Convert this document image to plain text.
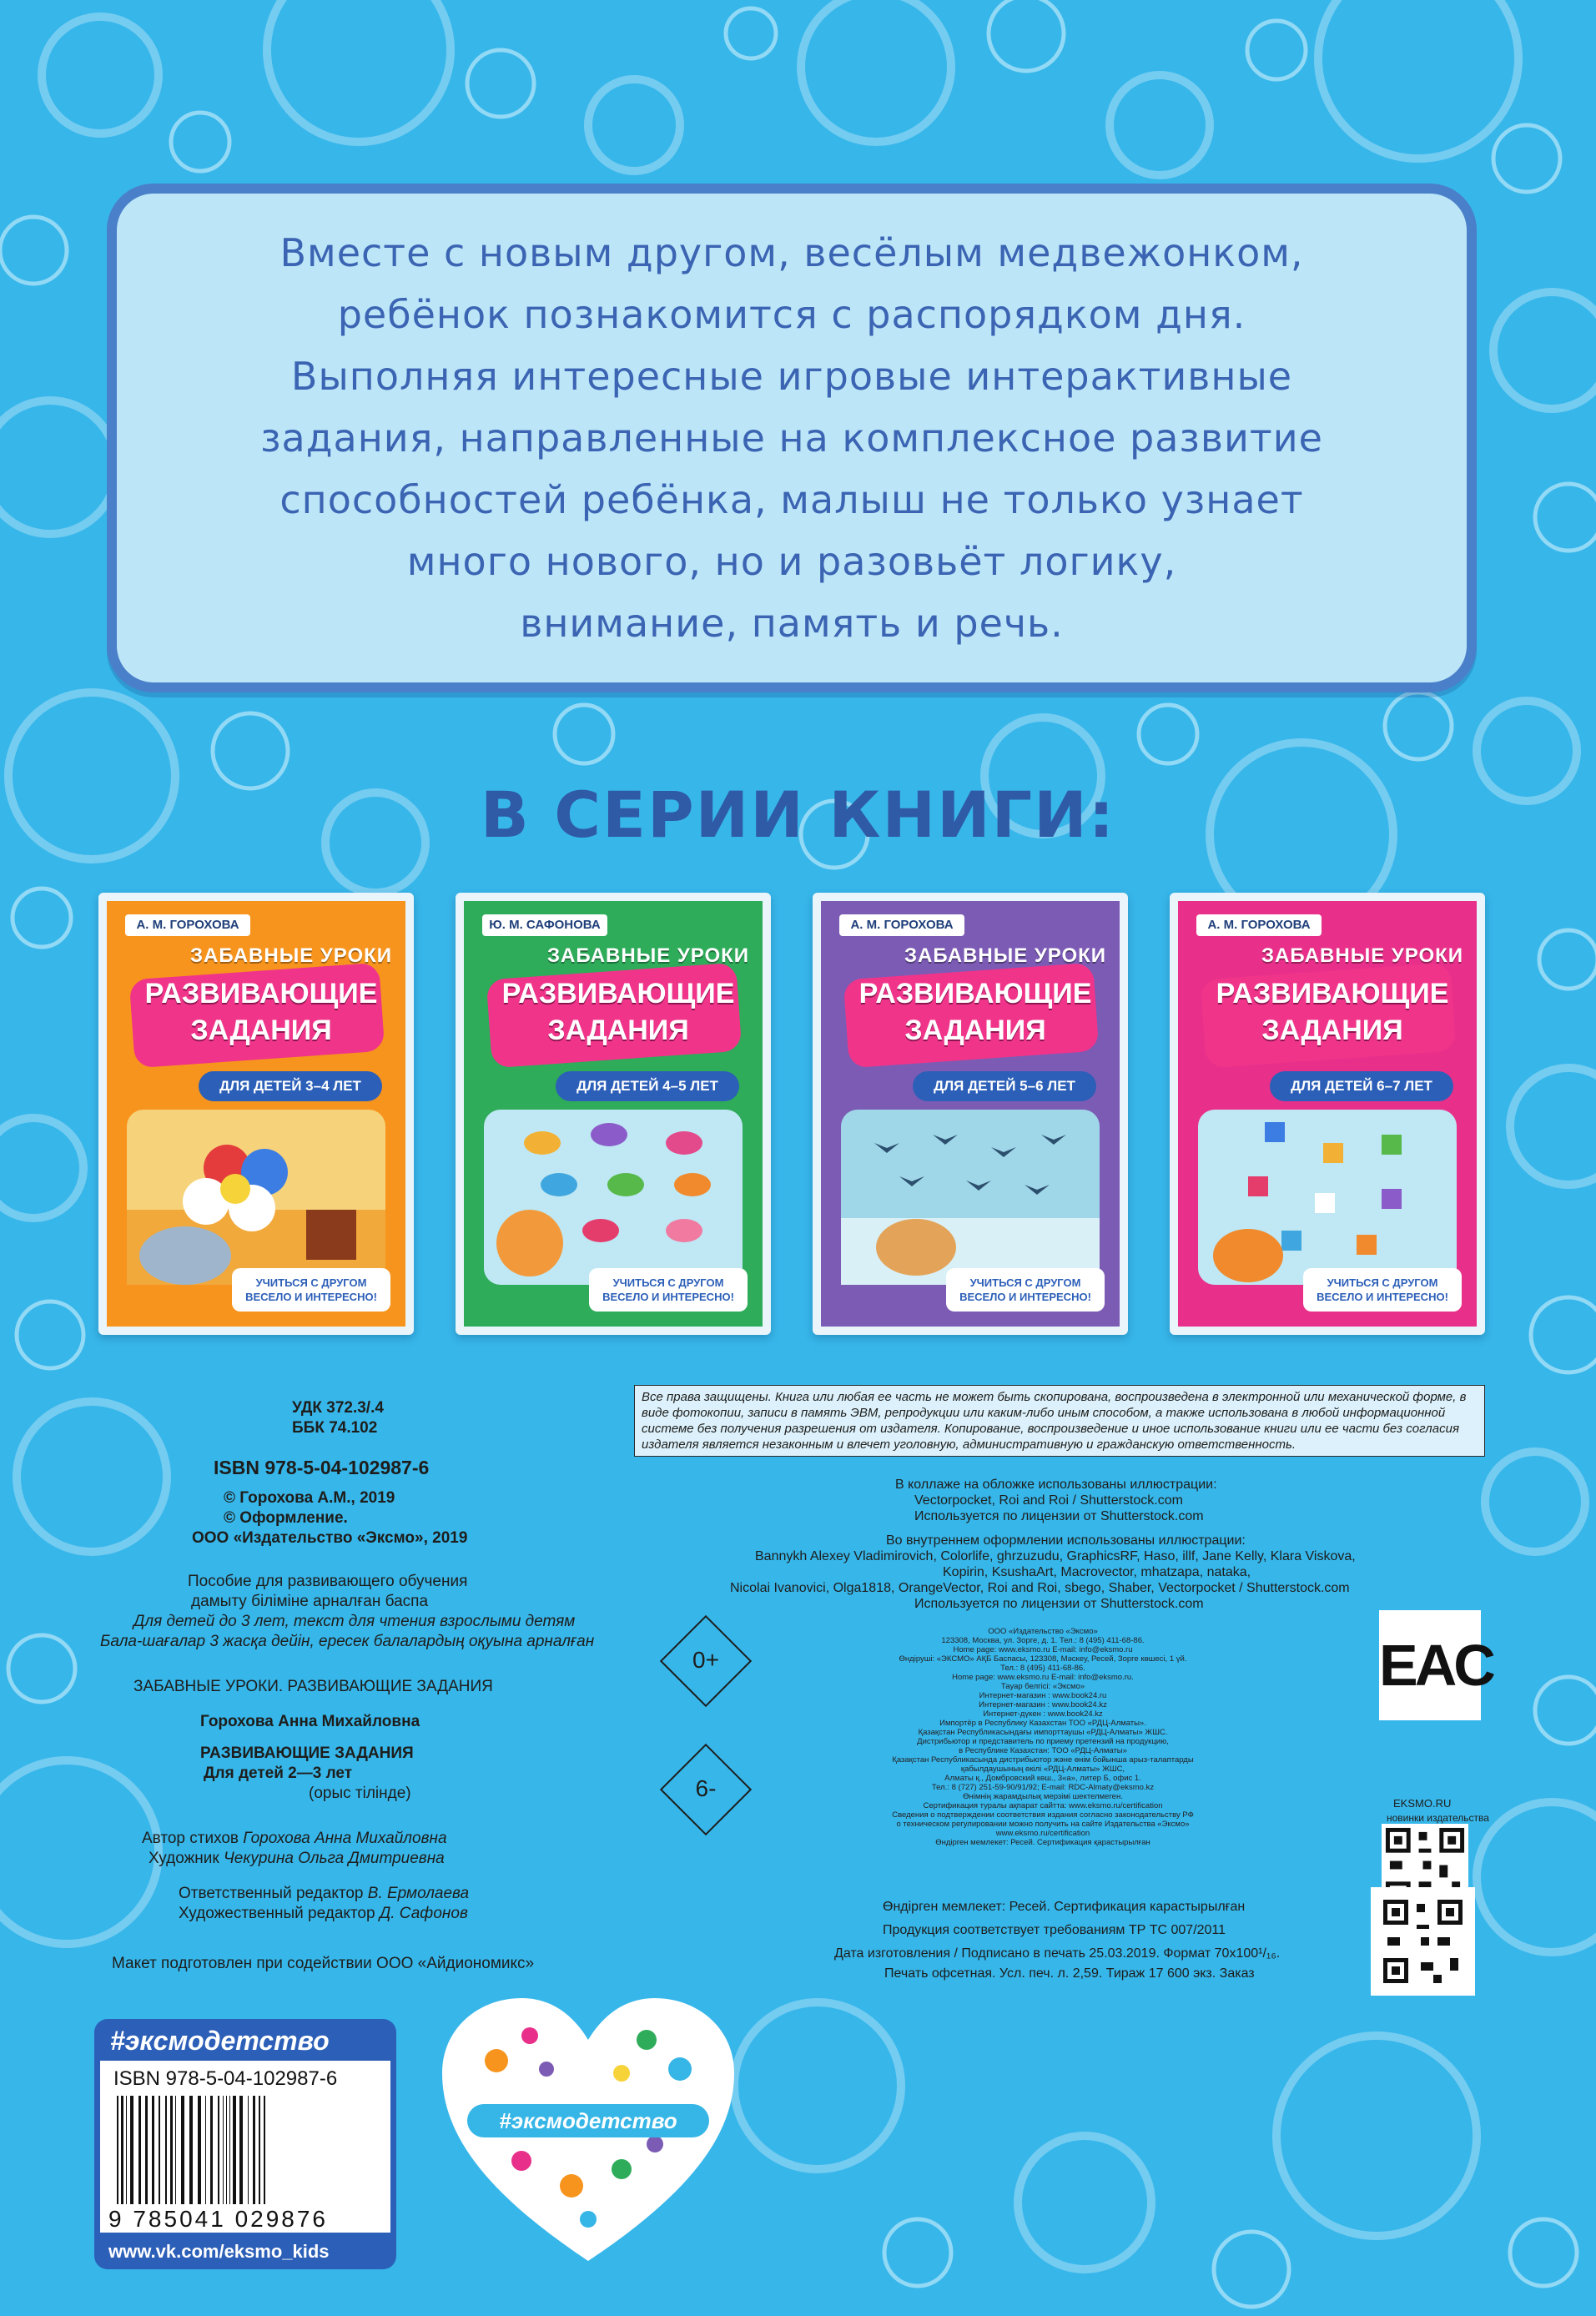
Вместе с новым другом, весёлым медвежонком,
ребёнок познакомится с распорядком дня.
Выполняя интересные игровые интерактивные
задания, направленные на комплексное развитие
способностей ребёнка, малыш не только узнает
много нового, но и разовьёт логику,
внимание, память и речь.
В СЕРИИ КНИГИ:
А. М. ГОРОХОВА
ЗАБАВНЫЕ УРОКИ
РАЗВИВАЮЩИЕ
ЗАДАНИЯ
ДЛЯ ДЕТЕЙ 3–4 ЛЕТ
УЧИТЬСЯ С ДРУГОМ ВЕСЕЛО И ИНТЕРЕСНО!
Ю. М. САФОНОВА
ЗАБАВНЫЕ УРОКИ
РАЗВИВАЮЩИЕ
ЗАДАНИЯ
ДЛЯ ДЕТЕЙ 4–5 ЛЕТ
УЧИТЬСЯ С ДРУГОМ ВЕСЕЛО И ИНТЕРЕСНО!
А. М. ГОРОХОВА
ЗАБАВНЫЕ УРОКИ
РАЗВИВАЮЩИЕ
ЗАДАНИЯ
ДЛЯ ДЕТЕЙ 5–6 ЛЕТ
УЧИТЬСЯ С ДРУГОМ ВЕСЕЛО И ИНТЕРЕСНО!
А. М. ГОРОХОВА
ЗАБАВНЫЕ УРОКИ
РАЗВИВАЮЩИЕ
ЗАДАНИЯ
ДЛЯ ДЕТЕЙ 6–7 ЛЕТ
УЧИТЬСЯ С ДРУГОМ ВЕСЕЛО И ИНТЕРЕСНО!
УДК 372.3/.4
ББК 74.102
ISBN 978-5-04-102987-6
© Горохова А.М., 2019
© Оформление.
ООО «Издательство «Эксмо», 2019
Пособие для развивающего обучения
дамыту біліміне арналған баспа
Для детей до 3 лет, текст для чтения взрослыми детям
Бала-шағалар 3 жасқа дейін, ересек балалардың оқуына арналған
ЗАБАВНЫЕ УРОКИ. РАЗВИВАЮЩИЕ ЗАДАНИЯ
Горохова Анна Михайловна
РАЗВИВАЮЩИЕ ЗАДАНИЯ
Для детей 2—3 лет
(орыс тілінде)
Автор стихов Горохова Анна Михайловна
Художник Чекурина Ольга Дмитриевна
Ответственный редактор В. Ермолаева
Художественный редактор Д. Сафонов
Макет подготовлен при содействии ООО «Айдиономикс»
0+
6-
Все права защищены. Книга или любая ее часть не может быть скопирована, воспроизведена в электронной или механической форме, в виде фотокопии, записи в память ЭВМ, репродукции или каким-либо иным способом, а также использована в любой информационной системе без получения разрешения от издателя. Копирование, воспроизведение и иное использование книги или ее части без согласия издателя является незаконным и влечет уголовную, административную и гражданскую ответственность.
В коллаже на обложке использованы иллюстрации:
Vectorpocket, Roi and Roi / Shutterstock.com
Используется по лицензии от Shutterstock.com
Во внутреннем оформлении использованы иллюстрации:
Bannykh Alexey Vladimirovich, Colorlife, ghrzuzudu, GraphicsRF, Haso, illf, Jane Kelly, Klara Viskova,
Kopirin, KsushaArt, Macrovector, mhatzapa, nataka,
Nicolai Ivanovici, Olga1818, OrangeVector, Roi and Roi, sbego, Shaber, Vectorpocket / Shutterstock.com
Используется по лицензии от Shutterstock.com
ООО «Издательство «Эксмо»
123308, Москва, ул. Зорге, д. 1. Тел.: 8 (495) 411-68-86.
Home page: www.eksmo.ru E-mail: info@eksmo.ru
Өндіруші: «ЭКСМО» АҚБ Баспасы, 123308, Мәскеу, Ресей, Зорге көшесі, 1 үй.
Тел.: 8 (495) 411-68-86.
Home page: www.eksmo.ru E-mail: info@eksmo.ru.
Тауар белгісі: «Эксмо»
Интернет-магазин : www.book24.ru
Интернет-магазин : www.book24.kz
Интернет-дүкен : www.book24.kz
Импортёр в Республику Казахстан ТОО «РДЦ-Алматы».
Қазақстан Республикасындағы импорттаушы «РДЦ-Алматы» ЖШС.
Дистрибьютор и представитель по приему претензий на продукцию,
в Республике Казахстан: ТОО «РДЦ-Алматы»
Қазақстан Республикасында дистрибьютор және өнім бойынша арыз-талаптарды
қабылдаушының өкілі «РДЦ-Алматы» ЖШС,
Алматы қ., Домбровский көш., 3«а», литер Б, офис 1.
Тел.: 8 (727) 251-59-90/91/92; E-mail: RDC-Almaty@eksmo.kz
Өнімнің жарамдылық мерзімі шектелмеген.
Сертификация туралы ақпарат сайтта: www.eksmo.ru/certification
Сведения о подтверждении соответствия издания согласно законодательству РФ
о техническом регулировании можно получить на сайте Издательства «Эксмо»
www.eksmo.ru/certification
Өндірген мемлекет: Ресей. Сертификация қарастырылған
Өндірген мемлекет: Ресей. Сертификация карастырылған
Продукция соответствует требованиям ТР ТС 007/2011
Дата изготовления / Подписано в печать 25.03.2019. Формат 70х100¹/₁₆.
Печать офсетная. Усл. печ. л. 2,59. Тираж 17 600 экз. Заказ
EAC
EKSMO.RU
новинки издательства
#эксмодетство
ISBN 978-5-04-102987-6
9 785041 029876
www.vk.com/eksmo_kids
#эксмодетство
